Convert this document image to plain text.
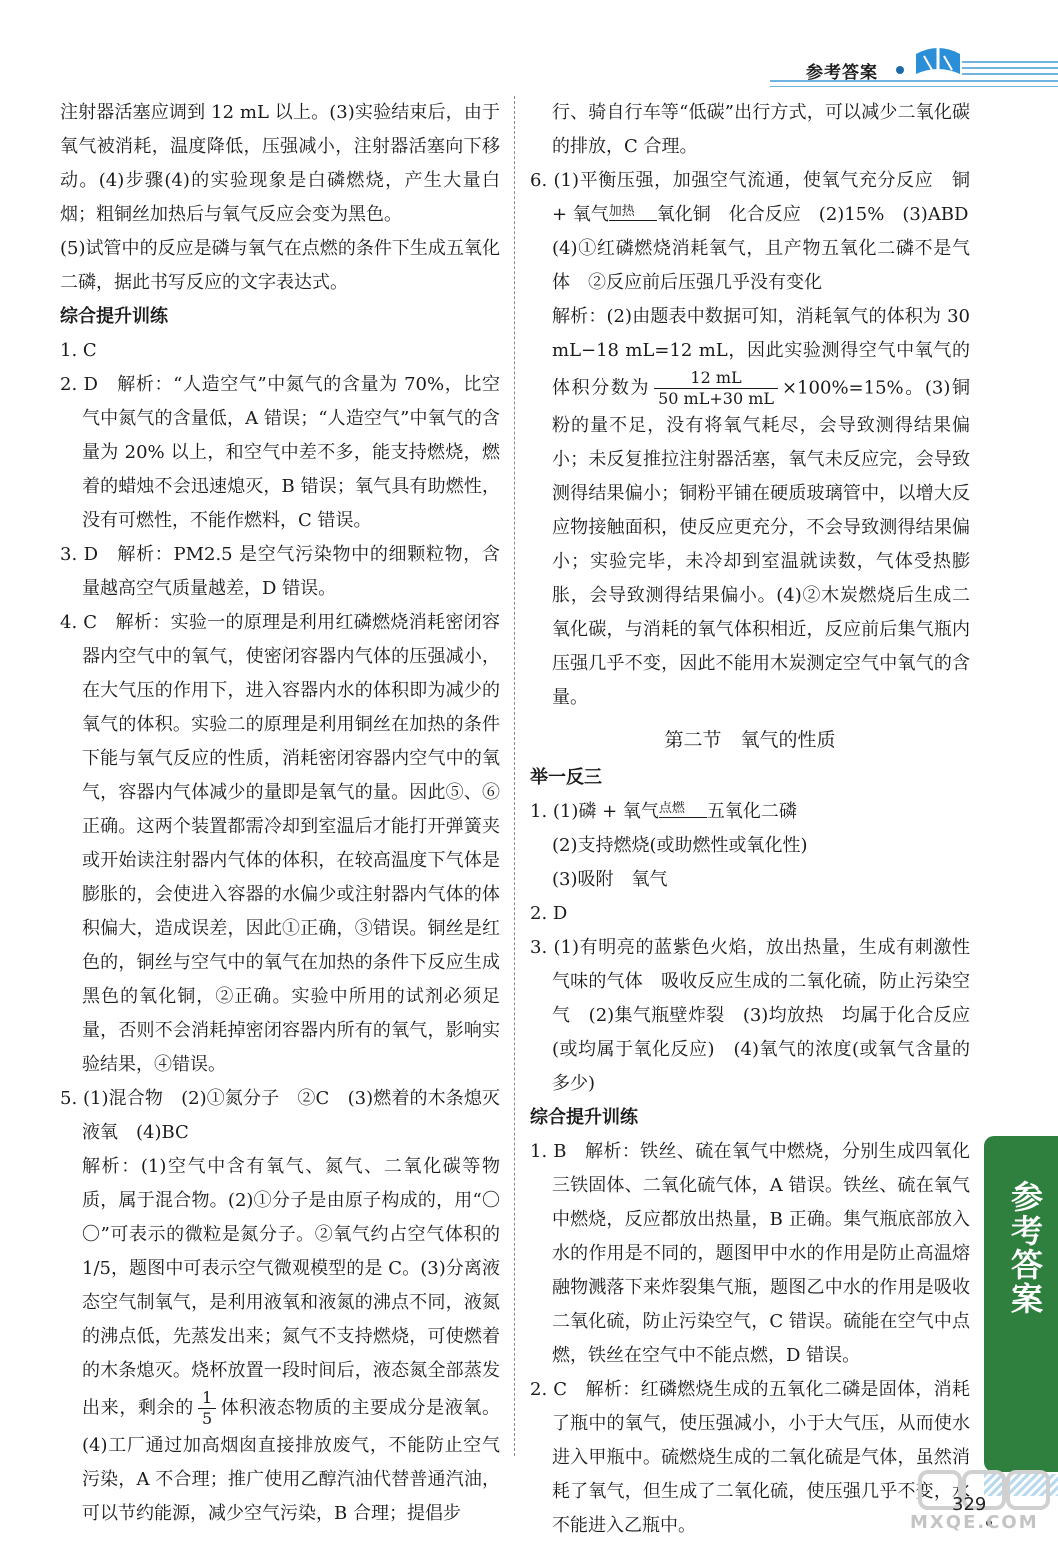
参考答案

注射器活塞应调到 12 mL 以上。(3)实验结束后，由于氧气被消耗，温度降低，压强减小，注射器活塞向下移动。(4)步骤(4)的实验现象是白磷燃烧，产生大量白烟；粗铜丝加热后与氧气反应会变为黑色。

(5)试管中的反应是磷与氧气在点燃的条件下生成五氧化二磷，据此书写反应的文字表达式。

综合提升训练

1. C

2. D　解析：“人造空气”中氮气的含量为 70%，比空气中氮气的含量低，A 错误；“人造空气”中氧气的含量为 20% 以上，和空气中差不多，能支持燃烧，燃着的蜡烛不会迅速熄灭，B 错误；氧气具有助燃性，没有可燃性，不能作燃料，C 错误。

3. D　解析：PM2.5 是空气污染物中的细颗粒物，含量越高空气质量越差，D 错误。

4. C　解析：实验一的原理是利用红磷燃烧消耗密闭容器内空气中的氧气，使密闭容器内气体的压强减小，在大气压的作用下，进入容器内水的体积即为减少的氧气的体积。实验二的原理是利用铜丝在加热的条件下能与氧气反应的性质，消耗密闭容器内空气中的氧气，容器内气体减少的量即是氧气的量。因此⑤、⑥正确。这两个装置都需冷却到室温后才能打开弹簧夹或开始读注射器内气体的体积，在较高温度下气体是膨胀的，会使进入容器的水偏少或注射器内气体的体积偏大，造成误差，因此①正确，③错误。铜丝是红色的，铜丝与空气中的氧气在加热的条件下反应生成黑色的氧化铜，②正确。实验中所用的试剂必须足量，否则不会消耗掉密闭容器内所有的氧气，影响实验结果，④错误。

5. (1)混合物　(2)①氮分子　②C　(3)燃着的木条熄灭　液氧　(4)BC

解析：(1)空气中含有氧气、氮气、二氧化碳等物质，属于混合物。(2)①分子是由原子构成的，用“〇〇”可表示的微粒是氮分子。②氧气约占空气体积的 1/5，题图中可表示空气微观模型的是 C。(3)分离液态空气制氧气，是利用液氧和液氮的沸点不同，液氮的沸点低，先蒸发出来；氮气不支持燃烧，可使燃着的木条熄灭。烧杯放置一段时间后，液态氮全部蒸发出来，剩余的 $\frac{1}{5}$ 体积液态物质的主要成分是液氧。(4)工厂通过加高烟囱直接排放废气，不能防止空气污染，A 不合理；推广使用乙醇汽油代替普通汽油，可以节约能源，减少空气污染，B 合理；提倡步

行、骑自行车等“低碳”出行方式，可以减少二氧化碳的排放，C 合理。

6. (1)平衡压强，加强空气流通，使氧气充分反应　铜 + 氧气 加热	氧化铜　化合反应　(2)15%　(3)ABD

(4)①红磷燃烧消耗氧气，且产物五氧化二磷不是气体　②反应前后压强几乎没有变化

解析：(2)由题表中数据可知，消耗氧气的体积为 30 mL−18 mL=12 mL，因此实验测得空气中氧气的体积分数为 $\frac{12 mL}{50 mL+30 mL} \times 100\%=15\%$。(3)铜粉的量不足，没有将氧气耗尽，会导致测得结果偏小；未反复推拉注射器活塞，氧气未反应完，会导致测得结果偏小；铜粉平铺在硬质玻璃管中，以增大反应物接触面积，使反应更充分，不会导致测得结果偏小；实验完毕，未冷却到室温就读数，气体受热膨胀，会导致测得结果偏小。(4)②木炭燃烧后生成二氧化碳，与消耗的氧气体积相近，反应前后集气瓶内压强几乎不变，因此不能用木炭测定空气中氧气的含量。

第二节　氧气的性质

举一反三

1. (1)磷 + 氧气 点燃	五氧化二磷

(2)支持燃烧(或助燃性或氧化性)

(3)吸附　氧气

2. D

3. (1)有明亮的蓝紫色火焰，放出热量，生成有刺激性气味的气体　吸收反应生成的二氧化硫，防止污染空气　(2)集气瓶壁炸裂　(3)均放热　均属于化合反应(或均属于氧化反应)　(4)氧气的浓度(或氧气含量的多少)

综合提升训练

1. B　解析：铁丝、硫在氧气中燃烧，分别生成四氧化三铁固体、二氧化硫气体，A 错误。铁丝、硫在氧气中燃烧，反应都放出热量，B 正确。集气瓶底部放入水的作用是不同的，题图甲中水的作用是防止高温熔融物溅落下来炸裂集气瓶，题图乙中水的作用是吸收二氧化硫，防止污染空气，C 错误。硫能在空气中点燃，铁丝在空气中不能点燃，D 错误。

2. C　解析：红磷燃烧生成的五氧化二磷是固体，消耗了瓶中的氧气，使压强减小，小于大气压，从而使水进入甲瓶中。硫燃烧生成的二氧化硫是气体，虽然消耗了氧气，但生成了二氧化硫，使压强几乎不变，水不能进入乙瓶中。

参考答案
329
MXQE.COM
